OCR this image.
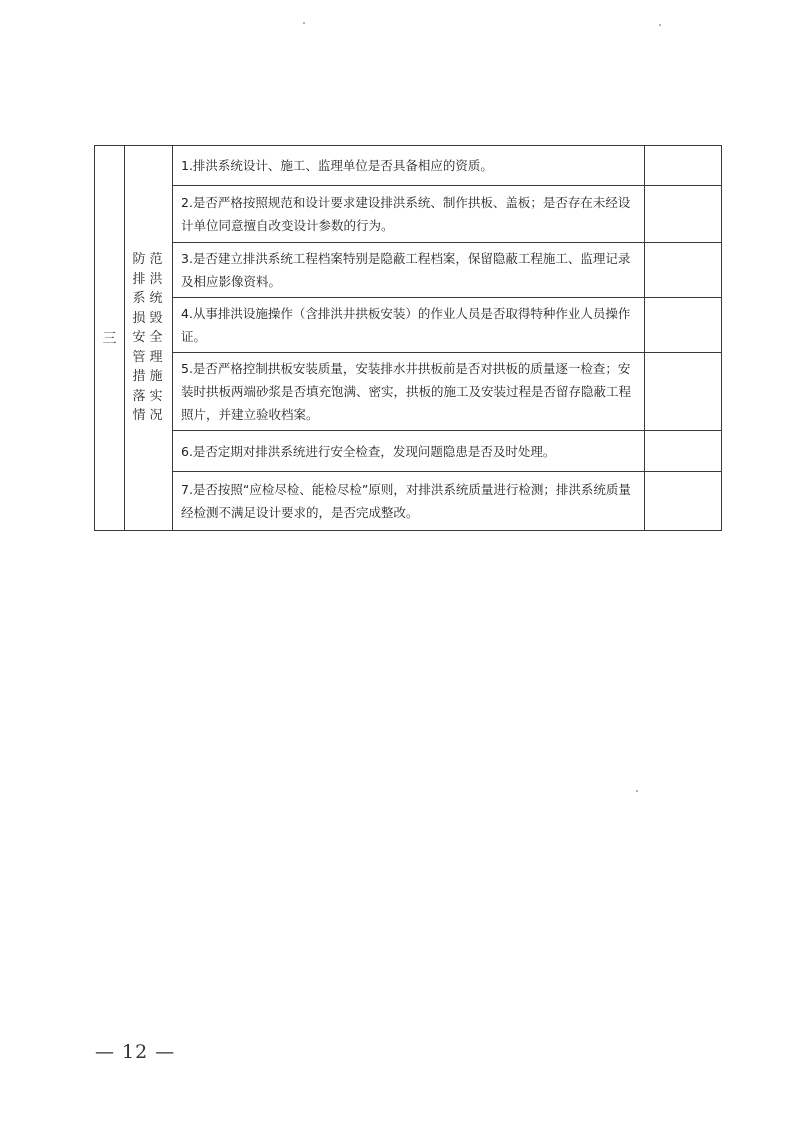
三	防范排洪系统损毁安全管理措施落实情况	1.排洪系统设计、施工、监理单位是否具备相应的资质。	
		2.是否严格按照规范和设计要求建设排洪系统、制作拱板、盖板；是否存在未经设计单位同意擅自改变设计参数的行为。	
		3.是否建立排洪系统工程档案特别是隐蔽工程档案，保留隐蔽工程施工、监理记录及相应影像资料。	
		4.从事排洪设施操作（含排洪井拱板安装）的作业人员是否取得特种作业人员操作证。	
		5.是否严格控制拱板安装质量，安装排水井拱板前是否对拱板的质量逐一检查；安装时拱板两端砂浆是否填充饱满、密实，拱板的施工及安装过程是否留存隐蔽工程照片，并建立验收档案。	
		6.是否定期对排洪系统进行安全检查，发现问题隐患是否及时处理。	
		7.是否按照“应检尽检、能检尽检”原则，对排洪系统质量进行检测；排洪系统质量经检测不满足设计要求的，是否完成整改。	
— 12 —
